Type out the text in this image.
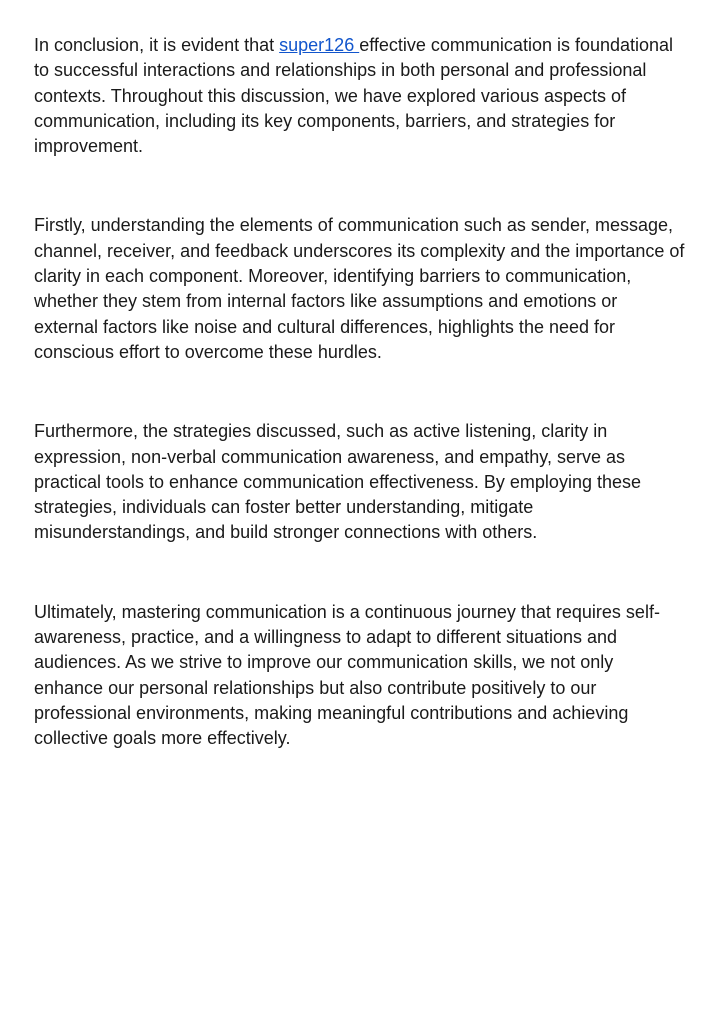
In conclusion, it is evident that super126 effective communication is foundational to successful interactions and relationships in both personal and professional contexts. Throughout this discussion, we have explored various aspects of communication, including its key components, barriers, and strategies for improvement.

Firstly, understanding the elements of communication such as sender, message, channel, receiver, and feedback underscores its complexity and the importance of clarity in each component. Moreover, identifying barriers to communication, whether they stem from internal factors like assumptions and emotions or external factors like noise and cultural differences, highlights the need for conscious effort to overcome these hurdles.

Furthermore, the strategies discussed, such as active listening, clarity in expression, non-verbal communication awareness, and empathy, serve as practical tools to enhance communication effectiveness. By employing these strategies, individuals can foster better understanding, mitigate misunderstandings, and build stronger connections with others.

Ultimately, mastering communication is a continuous journey that requires self-awareness, practice, and a willingness to adapt to different situations and audiences. As we strive to improve our communication skills, we not only enhance our personal relationships but also contribute positively to our professional environments, making meaningful contributions and achieving collective goals more effectively.
